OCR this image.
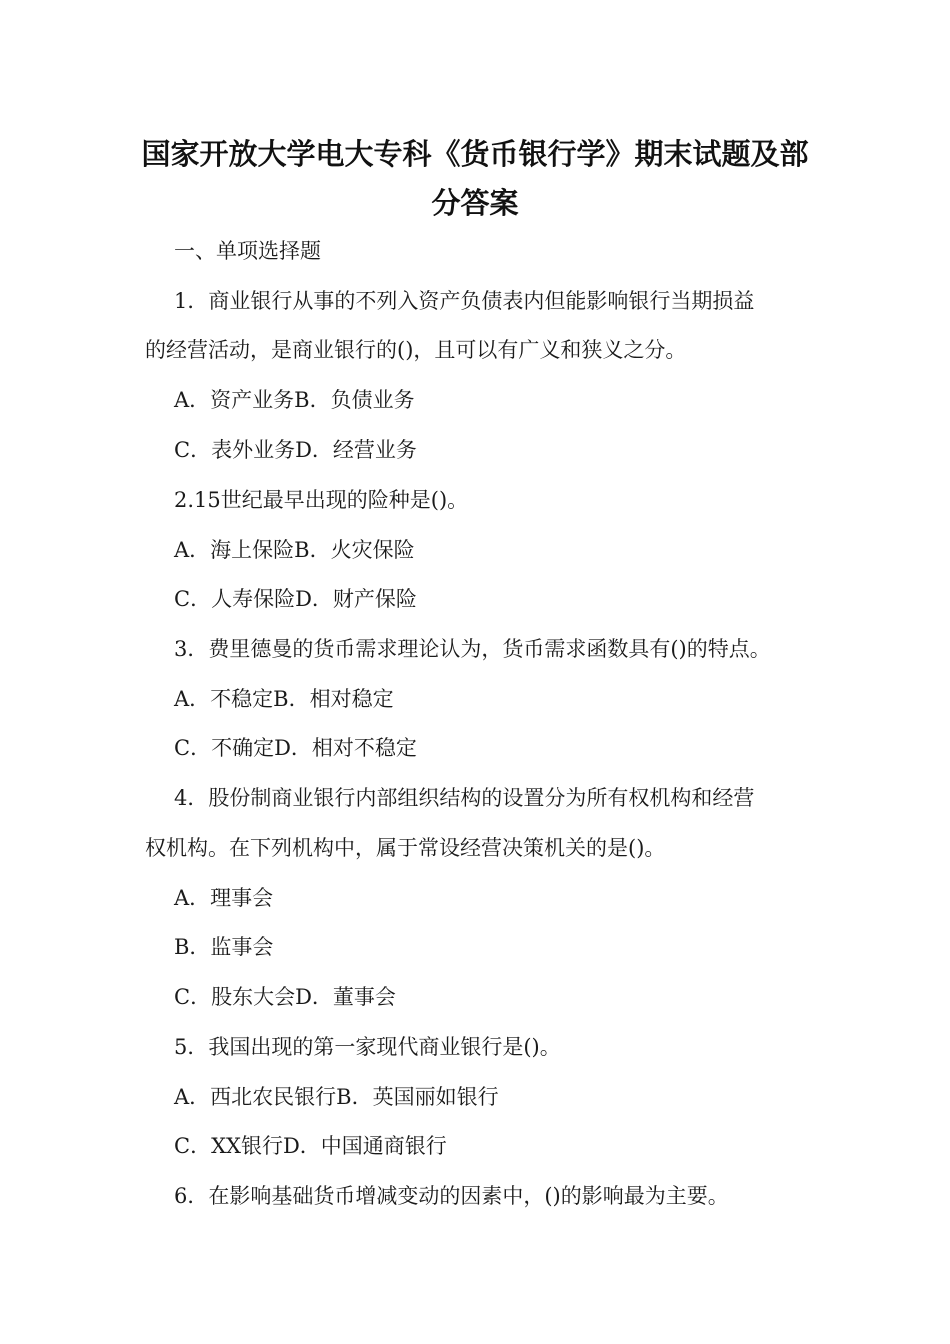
国家开放大学电大专科《货币银行学》期末试题及部
分答案
一、单项选择题
1．商业银行从事的不列入资产负债表内但能影响银行当期损益
的经营活动，是商业银行的()，且可以有广义和狭义之分。
A．资产业务B．负债业务
C．表外业务D．经营业务
2.15世纪最早出现的险种是()。
A．海上保险B．火灾保险
C．人寿保险D．财产保险
3．费里德曼的货币需求理论认为，货币需求函数具有()的特点。
A．不稳定B．相对稳定
C．不确定D．相对不稳定
4．股份制商业银行内部组织结构的设置分为所有权机构和经营
权机构。在下列机构中，属于常设经营决策机关的是()。
A．理事会
B．监事会
C．股东大会D．董事会
5．我国出现的第一家现代商业银行是()。
A．西北农民银行B．英国丽如银行
C．XX银行D．中国通商银行
6．在影响基础货币增减变动的因素中，()的影响最为主要。
